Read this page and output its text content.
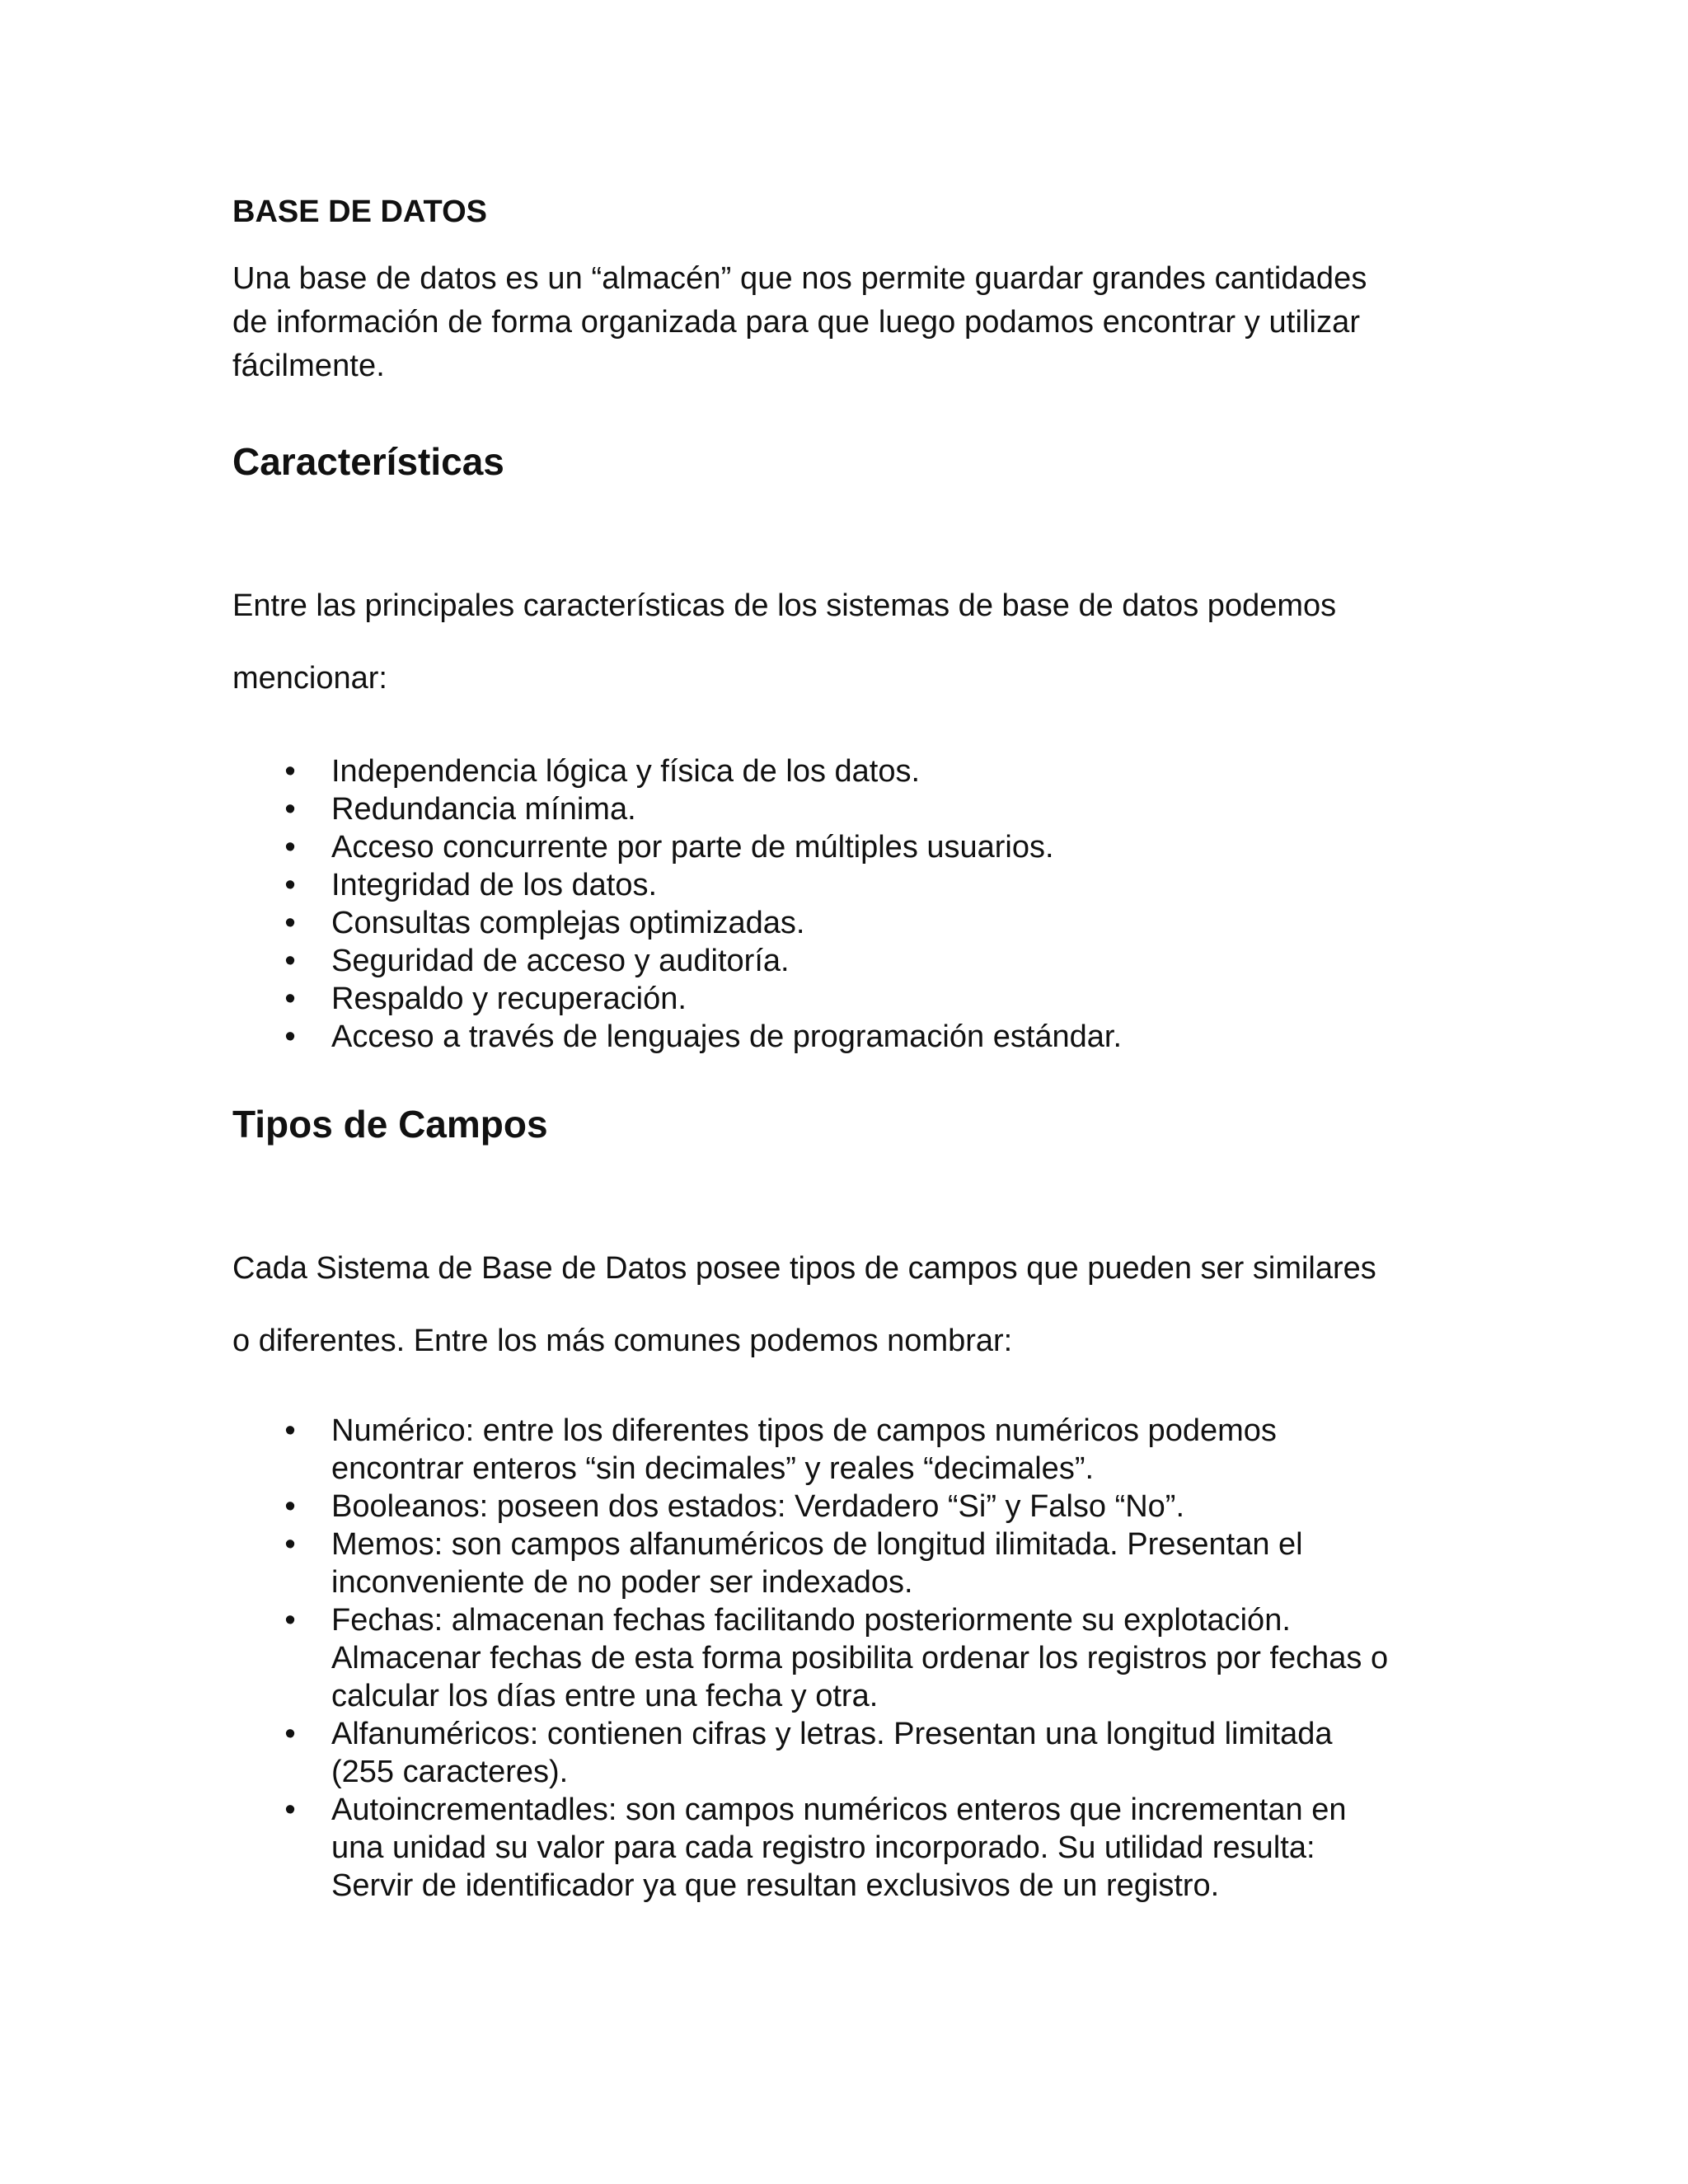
BASE DE DATOS

Una base de datos es un “almacén” que nos permite guardar grandes cantidades
de información de forma organizada para que luego podamos encontrar y utilizar
fácilmente.

Características

Entre las principales características de los sistemas de base de datos podemos
mencionar:

• Independencia lógica y física de los datos.
• Redundancia mínima.
• Acceso concurrente por parte de múltiples usuarios.
• Integridad de los datos.
• Consultas complejas optimizadas.
• Seguridad de acceso y auditoría.
• Respaldo y recuperación.
• Acceso a través de lenguajes de programación estándar.
Tipos de Campos

Cada Sistema de Base de Datos posee tipos de campos que pueden ser similares
o diferentes. Entre los más comunes podemos nombrar:

• Numérico: entre los diferentes tipos de campos numéricos podemos
encontrar enteros “sin decimales” y reales “decimales”.
• Booleanos: poseen dos estados: Verdadero “Si” y Falso “No”.
• Memos: son campos alfanuméricos de longitud ilimitada. Presentan el
inconveniente de no poder ser indexados.
• Fechas: almacenan fechas facilitando posteriormente su explotación.
Almacenar fechas de esta forma posibilita ordenar los registros por fechas o
calcular los días entre una fecha y otra.
• Alfanuméricos: contienen cifras y letras. Presentan una longitud limitada
(255 caracteres).
• Autoincrementadles: son campos numéricos enteros que incrementan en
una unidad su valor para cada registro incorporado. Su utilidad resulta:
Servir de identificador ya que resultan exclusivos de un registro.
